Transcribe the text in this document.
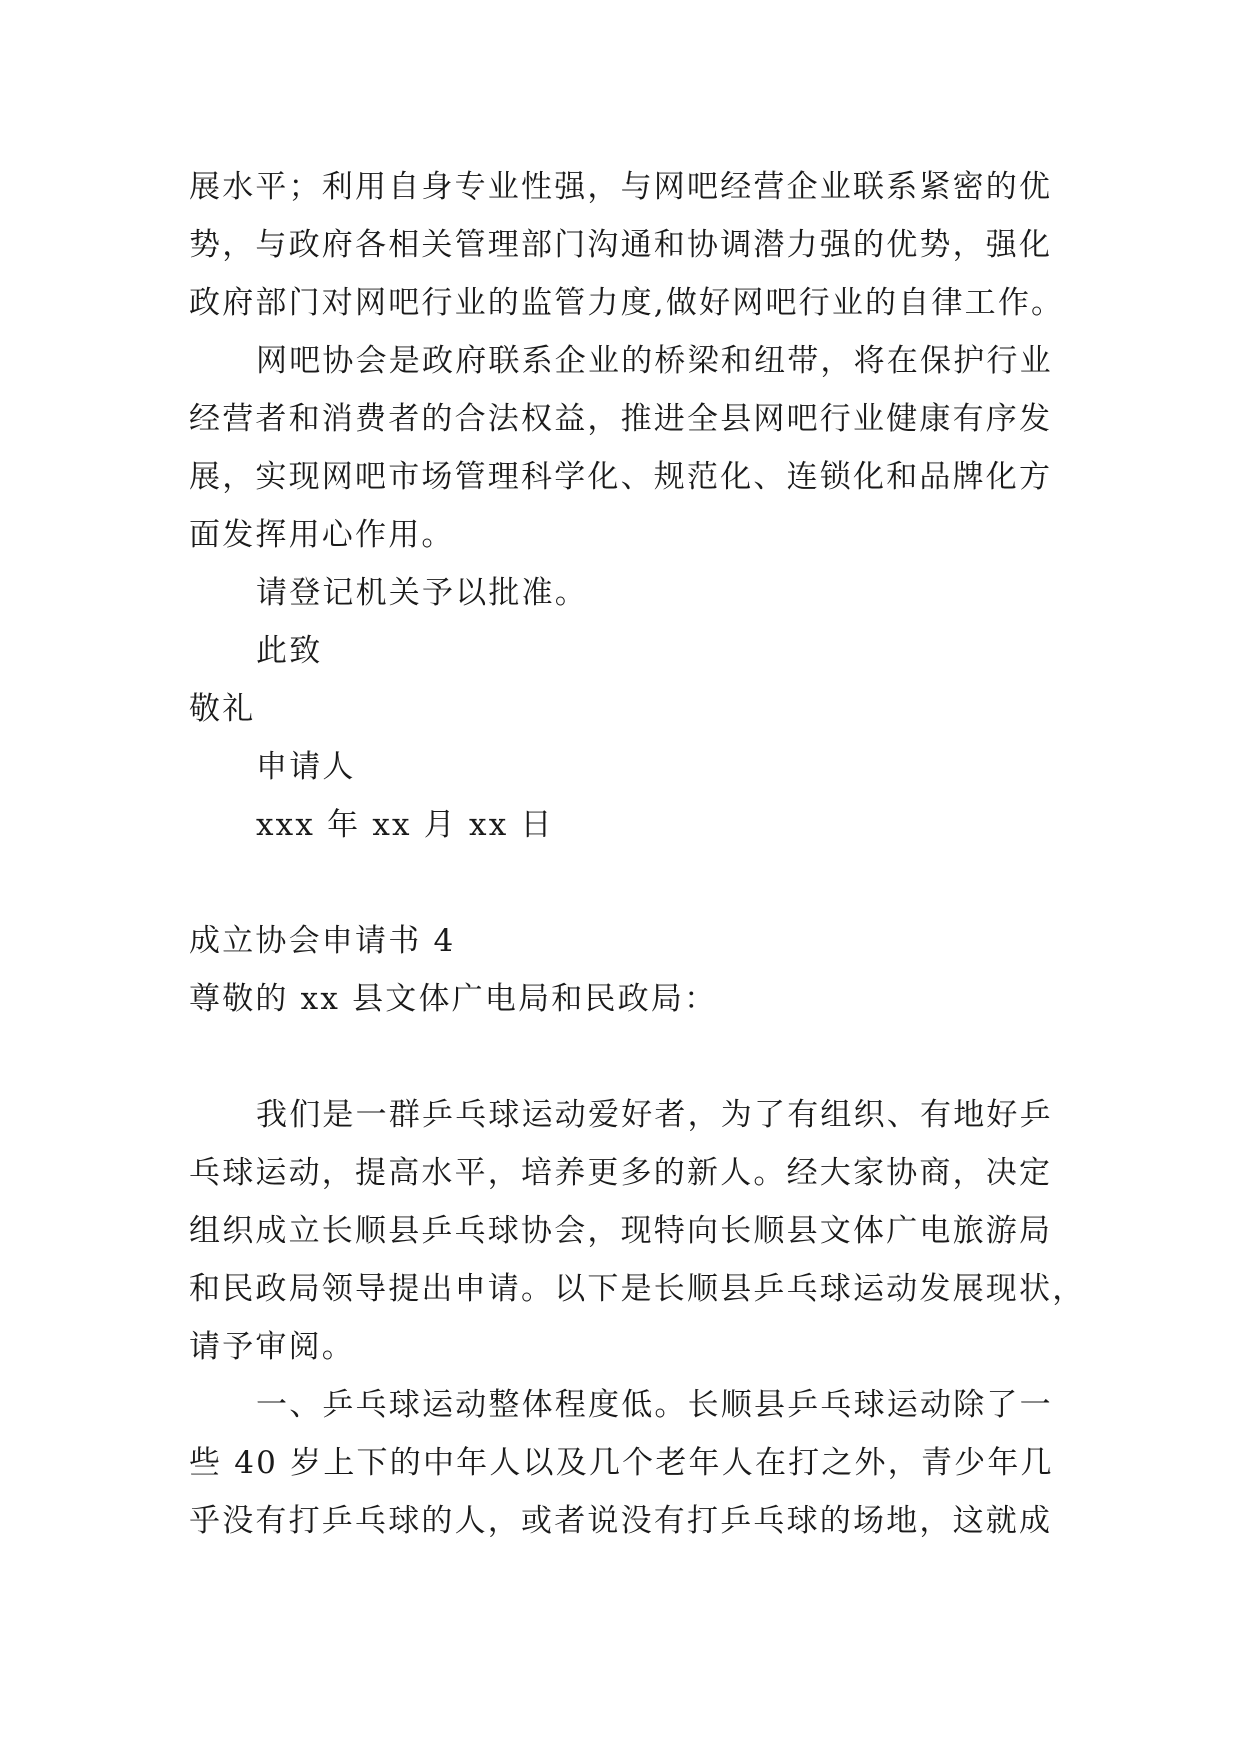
展水平；利用自身专业性强，与网吧经营企业联系紧密的优
势，与政府各相关管理部门沟通和协调潜力强的优势，强化
政府部门对网吧行业的监管力度,做好网吧行业的自律工作。
网吧协会是政府联系企业的桥梁和纽带，将在保护行业
经营者和消费者的合法权益，推进全县网吧行业健康有序发
展，实现网吧市场管理科学化、规范化、连锁化和品牌化方
面发挥用心作用。
请登记机关予以批准。
此致
敬礼
申请人
xxx 年 xx 月 xx 日
成立协会申请书 4
尊敬的 xx 县文体广电局和民政局：
我们是一群乒乓球运动爱好者，为了有组织、有地好乒
乓球运动，提高水平，培养更多的新人。经大家协商，决定
组织成立长顺县乒乓球协会，现特向长顺县文体广电旅游局
和民政局领导提出申请。以下是长顺县乒乓球运动发展现状，
请予审阅。
一、乒乓球运动整体程度低。长顺县乒乓球运动除了一
些 40 岁上下的中年人以及几个老年人在打之外，青少年几
乎没有打乒乓球的人，或者说没有打乒乓球的场地，这就成
